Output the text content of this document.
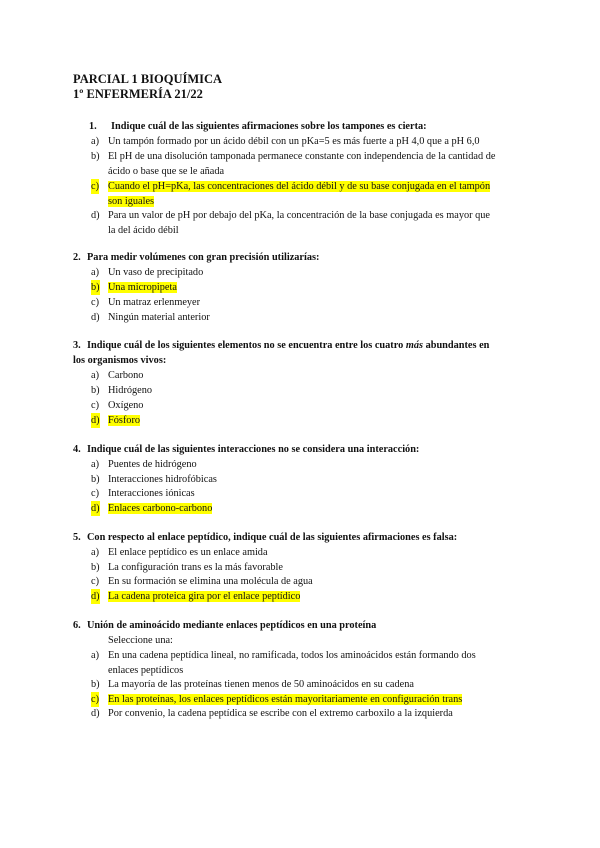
PARCIAL 1 BIOQUÍMICA
1º ENFERMERÍA 21/22
1. Indique cuál de las siguientes afirmaciones sobre los tampones es cierta:
a) Un tampón formado por un ácido débil con un pKa=5 es más fuerte a pH 4,0 que a pH 6,0
b) El pH de una disolución tamponada permanece constante con independencia de la cantidad de
ácido o base que se le añada
c) Cuando el pH=pKa, las concentraciones del ácido débil y de su base conjugada en el tampón
son iguales
d) Para un valor de pH por debajo del pKa, la concentración de la base conjugada es mayor que
la del ácido débil
2. Para medir volúmenes con gran precisión utilizarías:
a) Un vaso de precipitado
b) Una micropipeta
c) Un matraz erlenmeyer
d) Ningún material anterior
3. Indique cuál de los siguientes elementos no se encuentra entre los cuatro más abundantes en
los organismos vivos:
a) Carbono
b) Hidrógeno
c) Oxígeno
d) Fósforo
4. Indique cuál de las siguientes interacciones no se considera una interacción:
a) Puentes de hidrógeno
b) Interacciones hidrofóbicas
c) Interacciones iónicas
d) Enlaces carbono-carbono
5. Con respecto al enlace peptídico, indique cuál de las siguientes afirmaciones es falsa:
a) El enlace peptídico es un enlace amida
b) La configuración trans es la más favorable
c) En su formación se elimina una molécula de agua
d) La cadena proteica gira por el enlace peptídico
6. Unión de aminoácido mediante enlaces peptídicos en una proteína
Seleccione una:
a) En una cadena peptídica lineal, no ramificada, todos los aminoácidos están formando dos
enlaces peptídicos
b) La mayoría de las proteínas tienen menos de 50 aminoácidos en su cadena
c) En las proteínas, los enlaces peptídicos están mayoritariamente en configuración trans
d) Por convenio, la cadena peptídica se escribe con el extremo carboxilo a la izquierda
